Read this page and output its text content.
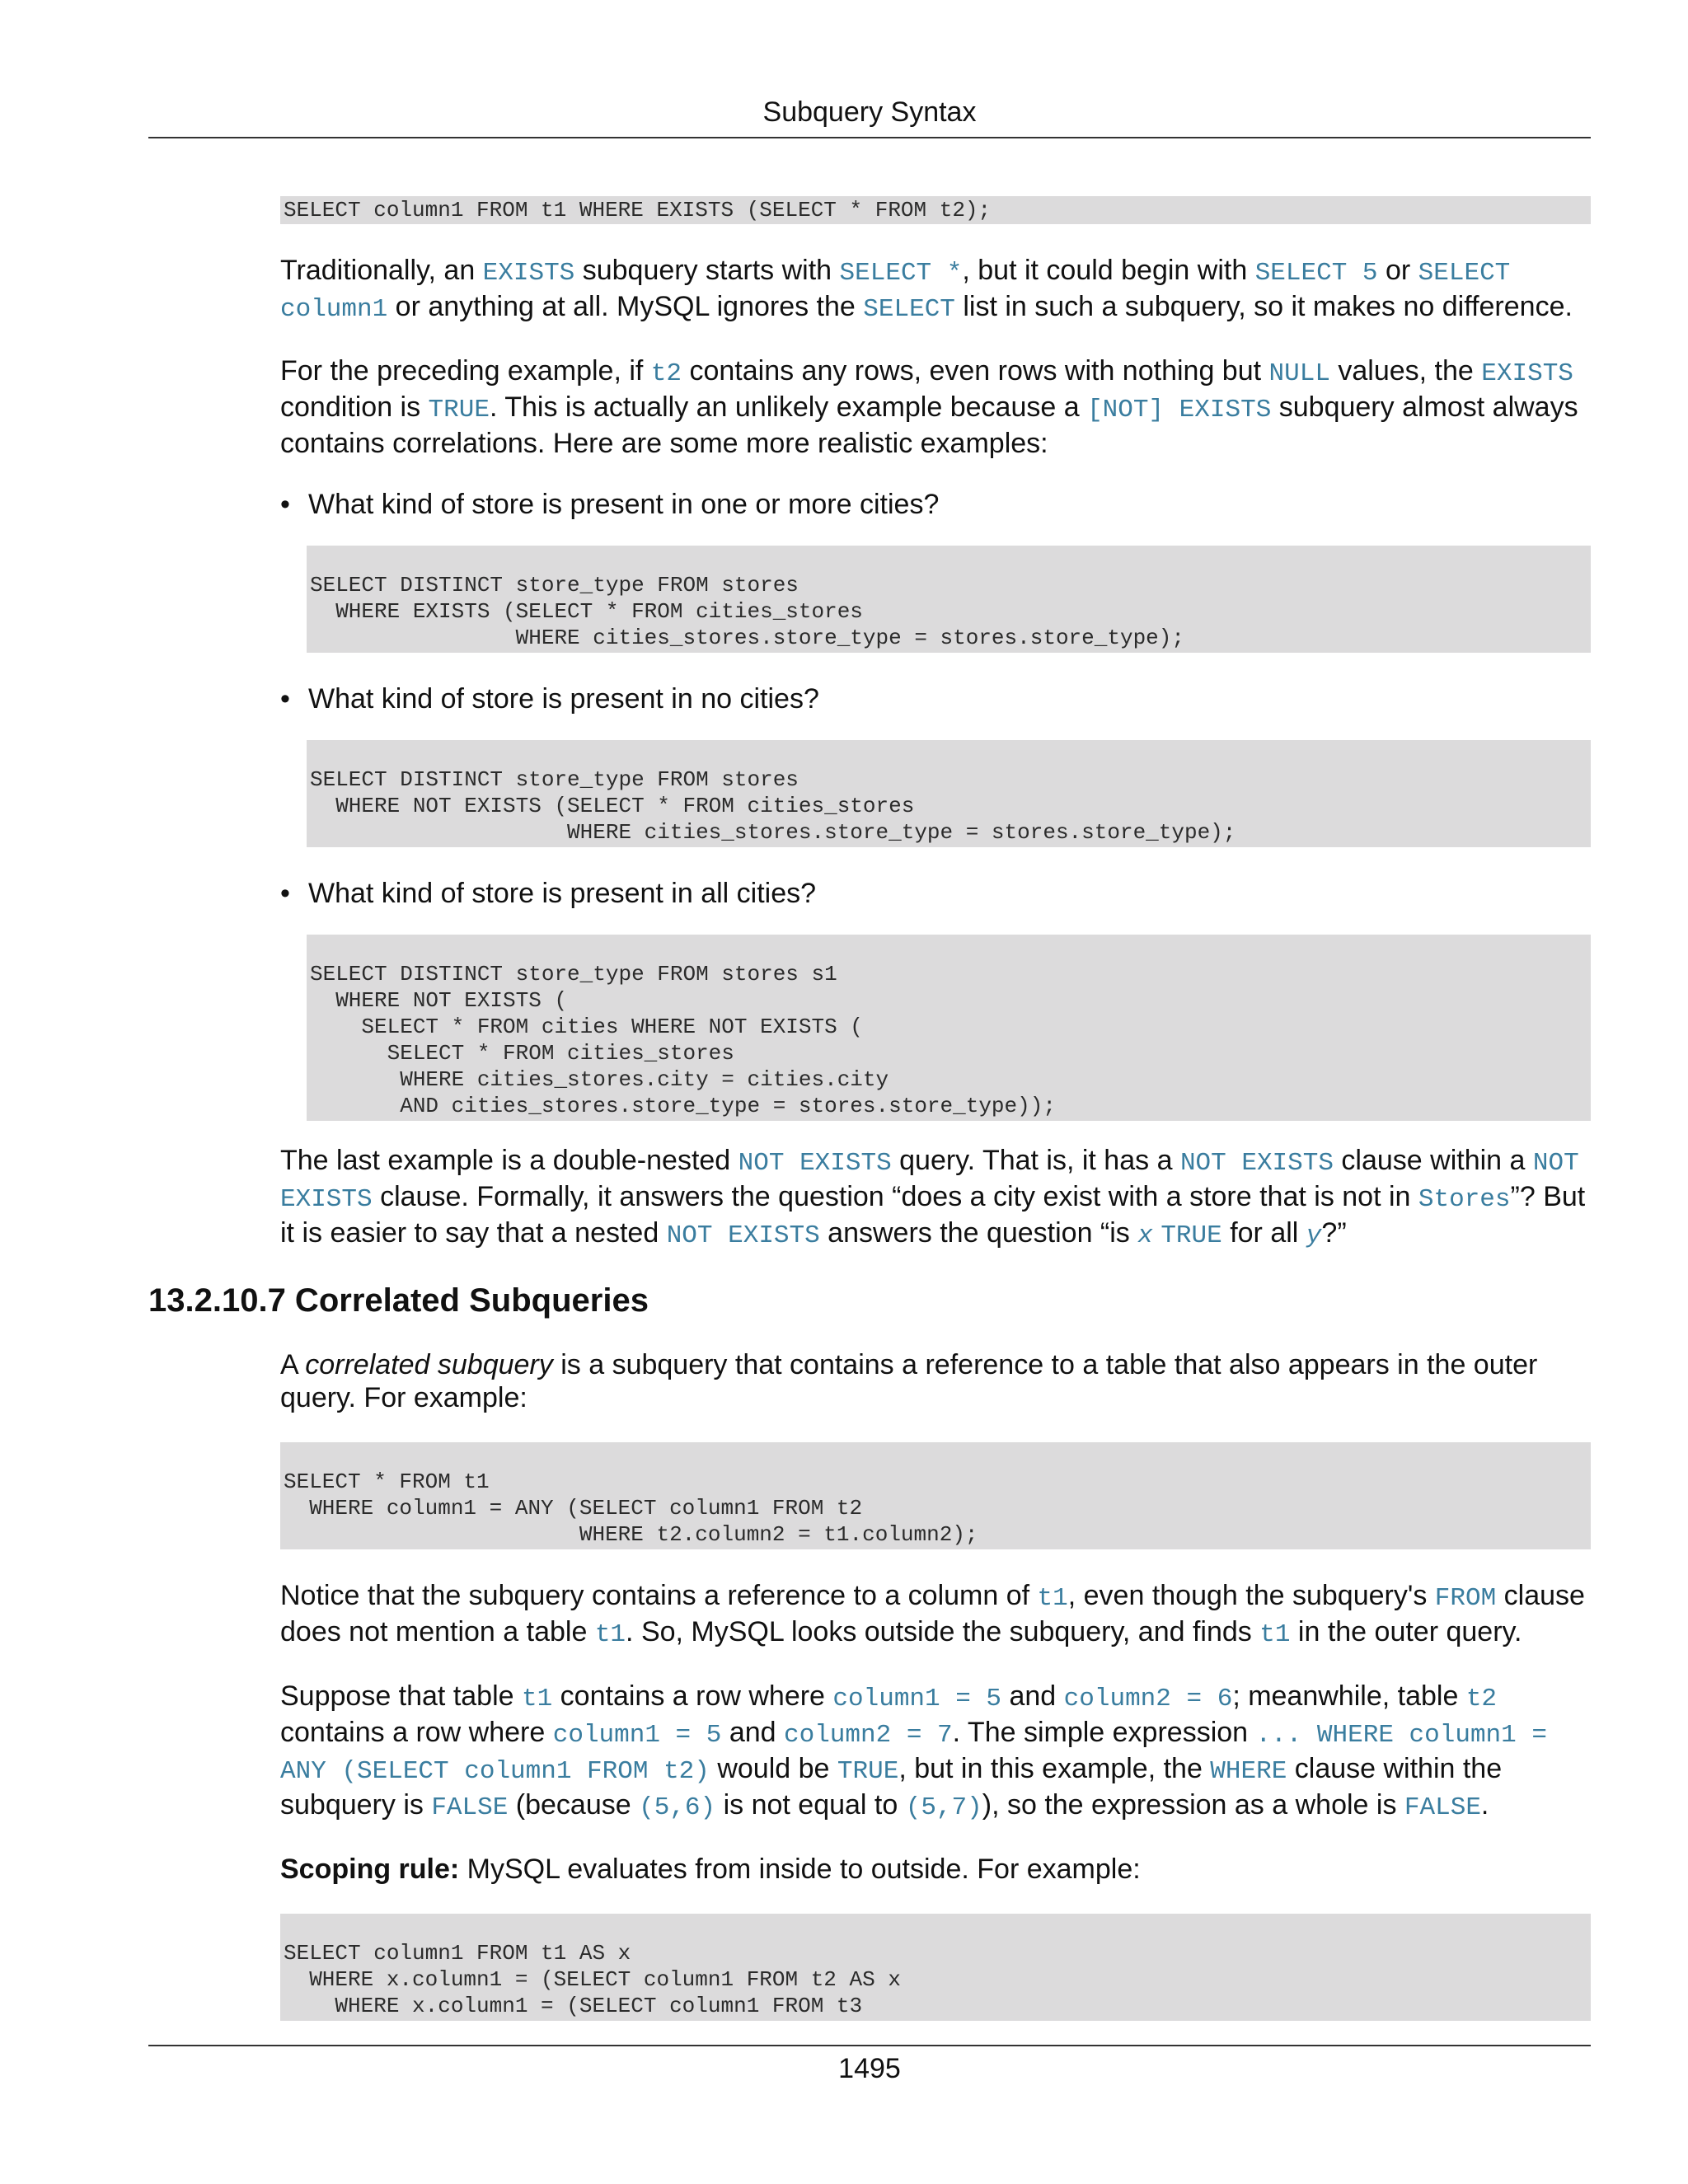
Subquery Syntax
SELECT column1 FROM t1 WHERE EXISTS (SELECT * FROM t2);

Traditionally, an EXISTS subquery starts with SELECT *, but it could begin with SELECT 5 or SELECT column1 or anything at all. MySQL ignores the SELECT list in such a subquery, so it makes no difference.

For the preceding example, if t2 contains any rows, even rows with nothing but NULL values, the EXISTS condition is TRUE. This is actually an unlikely example because a [NOT] EXISTS subquery almost always contains correlations. Here are some more realistic examples:

• What kind of store is present in one or more cities?
SELECT DISTINCT store_type FROM stores
WHERE EXISTS (SELECT * FROM cities_stores
WHERE cities_stores.store_type = stores.store_type);
• What kind of store is present in no cities?
SELECT DISTINCT store_type FROM stores
WHERE NOT EXISTS (SELECT * FROM cities_stores
WHERE cities_stores.store_type = stores.store_type);
• What kind of store is present in all cities?
SELECT DISTINCT store_type FROM stores s1
WHERE NOT EXISTS (
SELECT * FROM cities WHERE NOT EXISTS (
SELECT * FROM cities_stores
WHERE cities_stores.city = cities.city
AND cities_stores.store_type = stores.store_type));

The last example is a double-nested NOT EXISTS query. That is, it has a NOT EXISTS clause within a NOT EXISTS clause. Formally, it answers the question “does a city exist with a store that is not in Stores”? But it is easier to say that a nested NOT EXISTS answers the question “is x TRUE for all y?”

13.2.10.7 Correlated Subqueries

A correlated subquery is a subquery that contains a reference to a table that also appears in the outer query. For example:

SELECT * FROM t1
WHERE column1 = ANY (SELECT column1 FROM t2
WHERE t2.column2 = t1.column2);

Notice that the subquery contains a reference to a column of t1, even though the subquery's FROM clause does not mention a table t1. So, MySQL looks outside the subquery, and finds t1 in the outer query.

Suppose that table t1 contains a row where column1 = 5 and column2 = 6; meanwhile, table t2 contains a row where column1 = 5 and column2 = 7. The simple expression ... WHERE column1 = ANY (SELECT column1 FROM t2) would be TRUE, but in this example, the WHERE clause within the subquery is FALSE (because (5,6) is not equal to (5,7)), so the expression as a whole is FALSE.

Scoping rule: MySQL evaluates from inside to outside. For example:

SELECT column1 FROM t1 AS x
WHERE x.column1 = (SELECT column1 FROM t2 AS x
WHERE x.column1 = (SELECT column1 FROM t3
1495
